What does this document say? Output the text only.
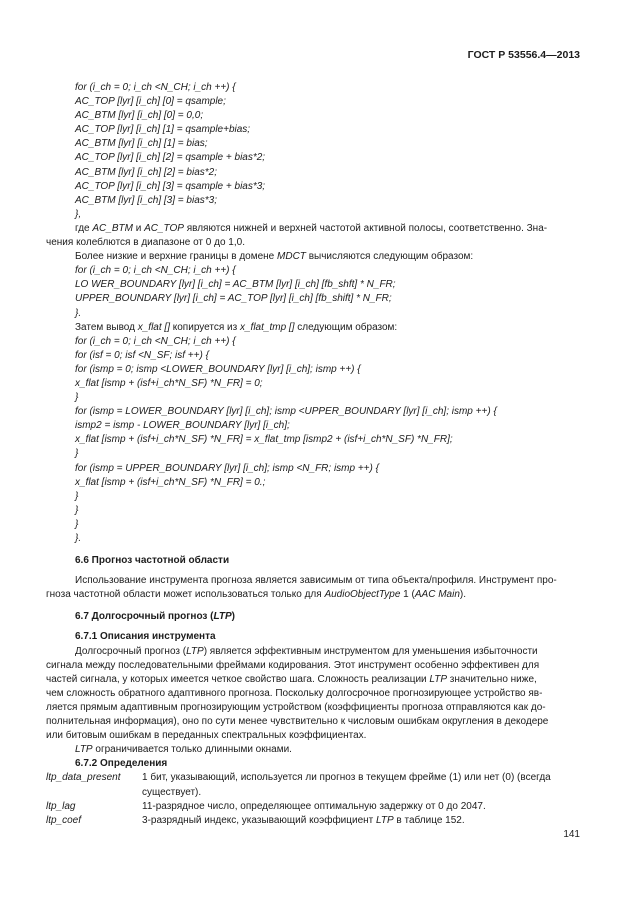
ГОСТ Р 53556.4—2013
for (i_ch = 0; i_ch <N_CH; i_ch ++) {
AC_TOP [lyr] [i_ch] [0] = qsample;
AC_BTM [lyr] [i_ch] [0] = 0,0;
AC_TOP [lyr] [i_ch] [1] = qsample+bias;
AC_BTM [lyr] [i_ch] [1] = bias;
AC_TOP [lyr] [i_ch] [2] = qsample + bias*2;
AC_BTM [lyr] [i_ch] [2] = bias*2;
AC_TOP [lyr] [i_ch] [3] = qsample + bias*3;
AC_BTM [lyr] [i_ch] [3] = bias*3;
},
где AC_BTM и AC_TOP являются нижней и верхней частотой активной полосы, соответственно. Зна-
чения колеблются в диапазоне от 0 до 1,0.
Более низкие и верхние границы в домене MDCT вычисляются следующим образом:
for (i_ch = 0; i_ch <N_CH; i_ch ++) {
LO WER_BOUNDARY [lyr] [i_ch] = AC_BTM [lyr] [i_ch] [fb_shft] * N_FR;
UPPER_BOUNDARY [lyr] [i_ch] = AC_TOP [lyr] [i_ch] [fb_shift] * N_FR;
}.
Затем вывод x_flat [] копируется из x_flat_tmp [] следующим образом:
for (i_ch = 0; i_ch <N_CH; i_ch ++) {
for (isf = 0; isf <N_SF; isf ++) {
for (ismp = 0; ismp <LOWER_BOUNDARY [lyr] [i_ch]; ismp ++) {
x_flat [ismp + (isf+i_ch*N_SF) *N_FR] = 0;
}
for (ismp = LOWER_BOUNDARY [lyr] [i_ch]; ismp <UPPER_BOUNDARY [lyr] [i_ch]; ismp ++) {
ismp2 = ismp - LOWER_BOUNDARY [lyr] [i_ch];
x_flat [ismp + (isf+i_ch*N_SF) *N_FR] = x_flat_tmp [ismp2 + (isf+i_ch*N_SF) *N_FR];
}
for (ismp = UPPER_BOUNDARY [lyr] [i_ch]; ismp <N_FR; ismp ++) {
x_flat [ismp + (isf+i_ch*N_SF) *N_FR] = 0.;
}
}
}
}.
6.6 Прогноз частотной области
Использование инструмента прогноза является зависимым от типа объекта/профиля. Инструмент про-
гноза частотной области может использоваться только для AudioObjectType 1 (AAC Main).
6.7 Долгосрочный прогноз (LTP)
6.7.1 Описания инструмента
Долгосрочный прогноз (LTP) является эффективным инструментом для уменьшения избыточности
сигнала между последовательными фреймами кодирования. Этот инструмент особенно эффективен для
частей сигнала, у которых имеется четкое свойство шага. Сложность реализации LTP значительно ниже,
чем сложность обратного адаптивного прогноза. Поскольку долгосрочное прогнозирующее устройство яв-
ляется прямым адаптивным прогнозирующим устройством (коэффициенты прогноза отправляются как до-
полнительная информация), оно по сути менее чувствительно к числовым ошибкам округления в декодере
или битовым ошибкам в переданных спектральных коэффициентах.
LTP ограничивается только длинными окнами.
6.7.2 Определения
ltp_data_present	1 бит, указывающий, используется ли прогноз в текущем фрейме (1) или нет (0) (всегда
существует).
ltp_lag	11-разрядное число, определяющее оптимальную задержку от 0 до 2047.
ltp_coef	3-разрядный индекс, указывающий коэффициент LTP в таблице 152.
141
